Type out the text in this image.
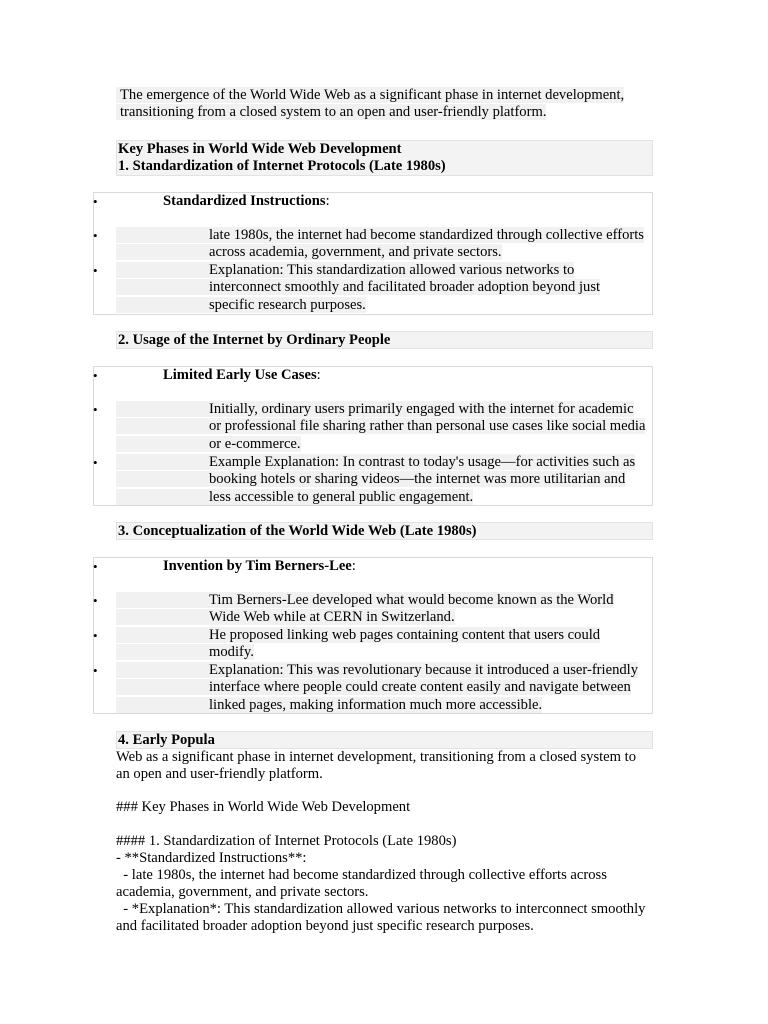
The emergence of the World Wide Web as a significant phase in internet development, transitioning from a closed system to an open and user-friendly platform.
Key Phases in World Wide Web Development
1. Standardization of Internet Protocols (Late 1980s)
•	Standardized Instructions:
•	late 1980s, the internet had become standardized through collective efforts across academia, government, and private sectors.
•	Explanation: This standardization allowed various networks to interconnect smoothly and facilitated broader adoption beyond just specific research purposes.
2. Usage of the Internet by Ordinary People
•	Limited Early Use Cases:
•	Initially, ordinary users primarily engaged with the internet for academic or professional file sharing rather than personal use cases like social media or e-commerce.
•	Example Explanation: In contrast to today's usage—for activities such as booking hotels or sharing videos—the internet was more utilitarian and less accessible to general public engagement.
3. Conceptualization of the World Wide Web (Late 1980s)
•	Invention by Tim Berners-Lee:
•	Tim Berners-Lee developed what would become known as the World Wide Web while at CERN in Switzerland.
•	He proposed linking web pages containing content that users could modify.
•	Explanation: This was revolutionary because it introduced a user-friendly interface where people could create content easily and navigate between linked pages, making information much more accessible.
4. Early Popula
Web as a significant phase in internet development, transitioning from a closed system to an open and user-friendly platform.
### Key Phases in World Wide Web Development
#### 1. Standardization of Internet Protocols (Late 1980s)
- **Standardized Instructions**:
- late 1980s, the internet had become standardized through collective efforts across academia, government, and private sectors.
- *Explanation*: This standardization allowed various networks to interconnect smoothly and facilitated broader adoption beyond just specific research purposes.
